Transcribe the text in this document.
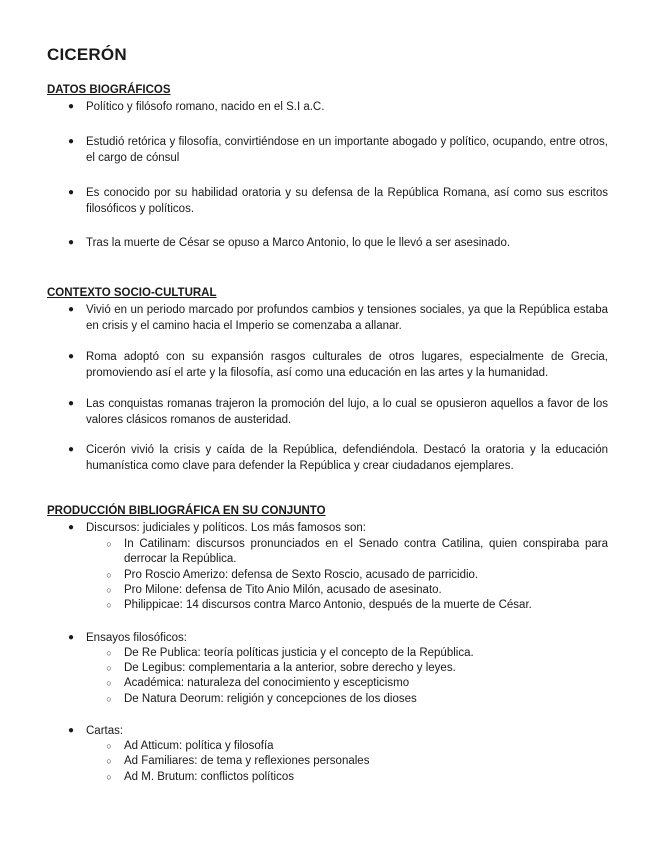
CICERÓN
DATOS BIOGRÁFICOS
● Político y filósofo romano, nacido en el S.I a.C.
● Estudió retórica y filosofía, convirtiéndose en un importante abogado y político, ocupando, entre otros, el cargo de cónsul
● Es conocido por su habilidad oratoria y su defensa de la República Romana, así como sus escritos filosóficos y políticos.
● Tras la muerte de César se opuso a Marco Antonio, lo que le llevó a ser asesinado.
CONTEXTO SOCIO-CULTURAL
● Vivió en un periodo marcado por profundos cambios y tensiones sociales, ya que la República estaba en crisis y el camino hacia el Imperio se comenzaba a allanar.
● Roma adoptó con su expansión rasgos culturales de otros lugares, especialmente de Grecia, promoviendo así el arte y la filosofía, así como una educación en las artes y la humanidad.
● Las conquistas romanas trajeron la promoción del lujo, a lo cual se opusieron aquellos a favor de los valores clásicos romanos de austeridad.
● Cicerón vivió la crisis y caída de la República, defendiéndola. Destacó la oratoria y la educación humanística como clave para defender la República y crear ciudadanos ejemplares.
PRODUCCIÓN BIBLIOGRÁFICA EN SU CONJUNTO
● Discursos: judiciales y políticos. Los más famosos son:
○ In Catilinam: discursos pronunciados en el Senado contra Catilina, quien conspiraba para derrocar la República.
○ Pro Roscio Amerizo: defensa de Sexto Roscio, acusado de parricidio.
○ Pro Milone: defensa de Tito Anio Milón, acusado de asesinato.
○ Philippicae: 14 discursos contra Marco Antonio, después de la muerte de César.
● Ensayos filosóficos:
○ De Re Publica: teoría políticas justicia y el concepto de la República.
○ De Legibus: complementaria a la anterior, sobre derecho y leyes.
○ Académica: naturaleza del conocimiento y escepticismo
○ De Natura Deorum: religión y concepciones de los dioses
● Cartas:
○ Ad Atticum: política y filosofía
○ Ad Familiares: de tema y reflexiones personales
○ Ad M. Brutum: conflictos políticos
